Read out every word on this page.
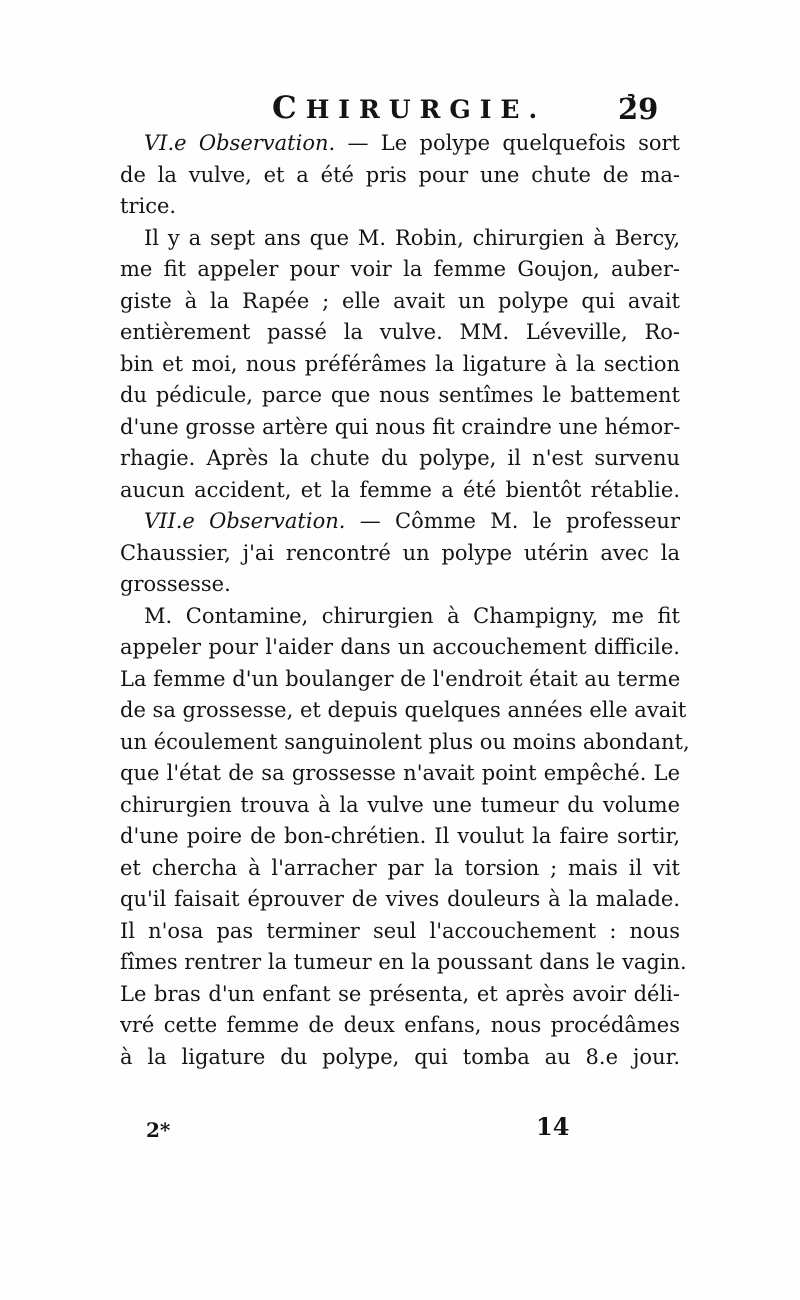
CHIRURGIE. 2̉9
VI.e Observation. — Le polype quelquefois sort
de la vulve, et a été pris pour une chute de ma-
trice.
Il y a sept ans que M. Robin, chirurgien à Bercy,
me fit appeler pour voir la femme Goujon, auber-
giste à la Rapée ; elle avait un polype qui avait
entièrement passé la vulve. MM. Léveville, Ro-
bin et moi, nous préférâmes la ligature à la section
du pédicule, parce que nous sentîmes le battement
d'une grosse artère qui nous fit craindre une hémor-
rhagie. Après la chute du polype, il n'est survenu
aucun accident, et la femme a été bientôt rétablie.
VII.e Observation. — Cômme M. le professeur
Chaussier, j'ai rencontré un polype utérin avec la
grossesse.
M. Contamine, chirurgien à Champigny, me fit
appeler pour l'aider dans un accouchement difficile.
La femme d'un boulanger de l'endroit était au terme
de sa grossesse, et depuis quelques années elle avait
un écoulement sanguinolent plus ou moins abondant,
que l'état de sa grossesse n'avait point empêché. Le
chirurgien trouva à la vulve une tumeur du volume
d'une poire de bon-chrétien. Il voulut la faire sortir,
et chercha à l'arracher par la torsion ; mais il vit
qu'il faisait éprouver de vives douleurs à la malade.
Il n'osa pas terminer seul l'accouchement : nous
fîmes rentrer la tumeur en la poussant dans le vagin.
Le bras d'un enfant se présenta, et après avoir déli-
vré cette femme de deux enfans, nous procédâmes
à la ligature du polype, qui tomba au 8.e jour.
2*	14
